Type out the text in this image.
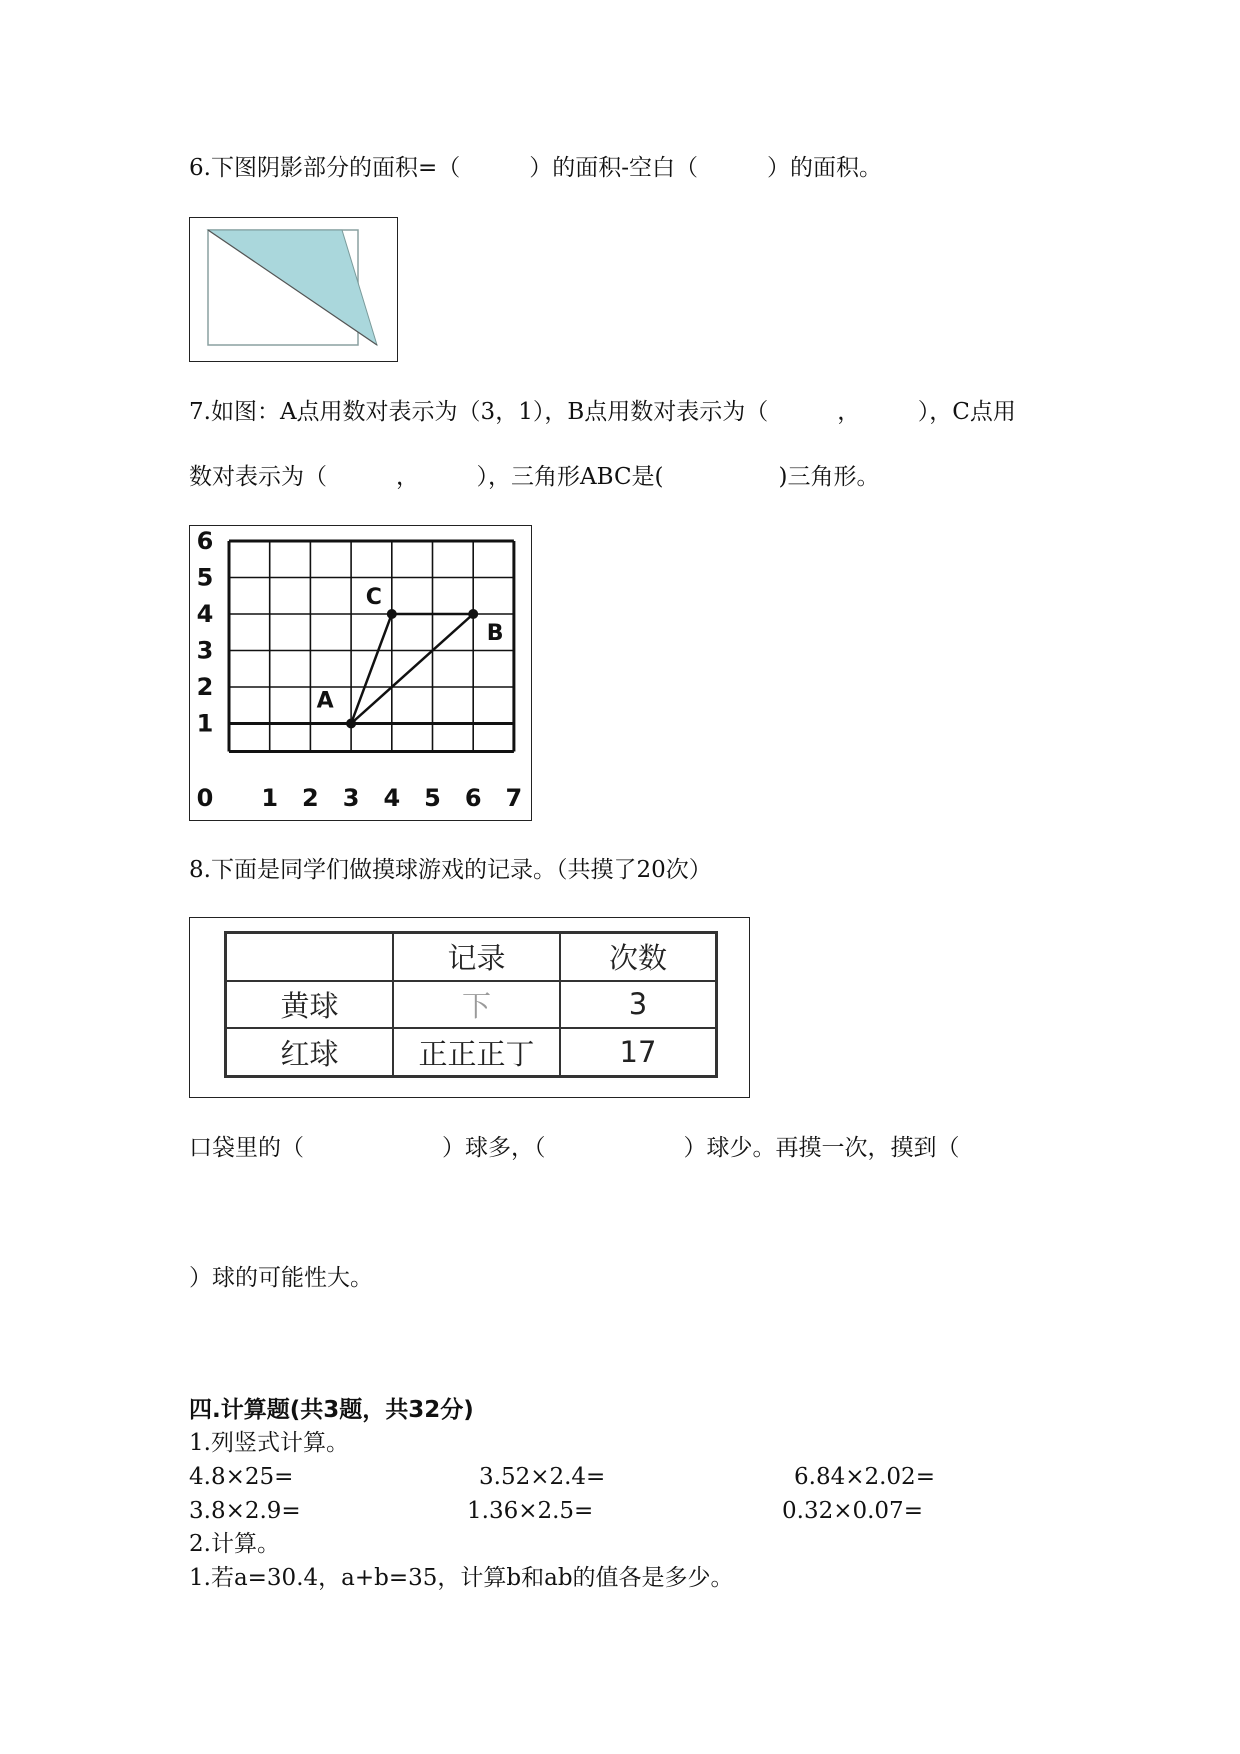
6.下图阴影部分的面积=（　　　）的面积-空白（　　　）的面积。
7.如图：A点用数对表示为（3，1），B点用数对表示为（　　　，　　　），C点用
数对表示为（　　　，　　　），三角形ABC是(　　　　　)三角形。
6
5
4
3
2
1
0 1 2 3 4 5 6 7
A
B
C
8.下面是同学们做摸球游戏的记录。（共摸了20次）
	记录	次数
黄球	下	3
红球	正正正丁	17
口袋里的（　　　　　　）球多，（　　　　　　）球少。再摸一次，摸到（
）球的可能性大。
四.计算题(共3题，共32分)
1.列竖式计算。
4.8×25=	3.52×2.4=	6.84×2.02=
3.8×2.9=	1.36×2.5=	0.32×0.07=
2.计算。
1.若a=30.4，a+b=35，计算b和ab的值各是多少。
